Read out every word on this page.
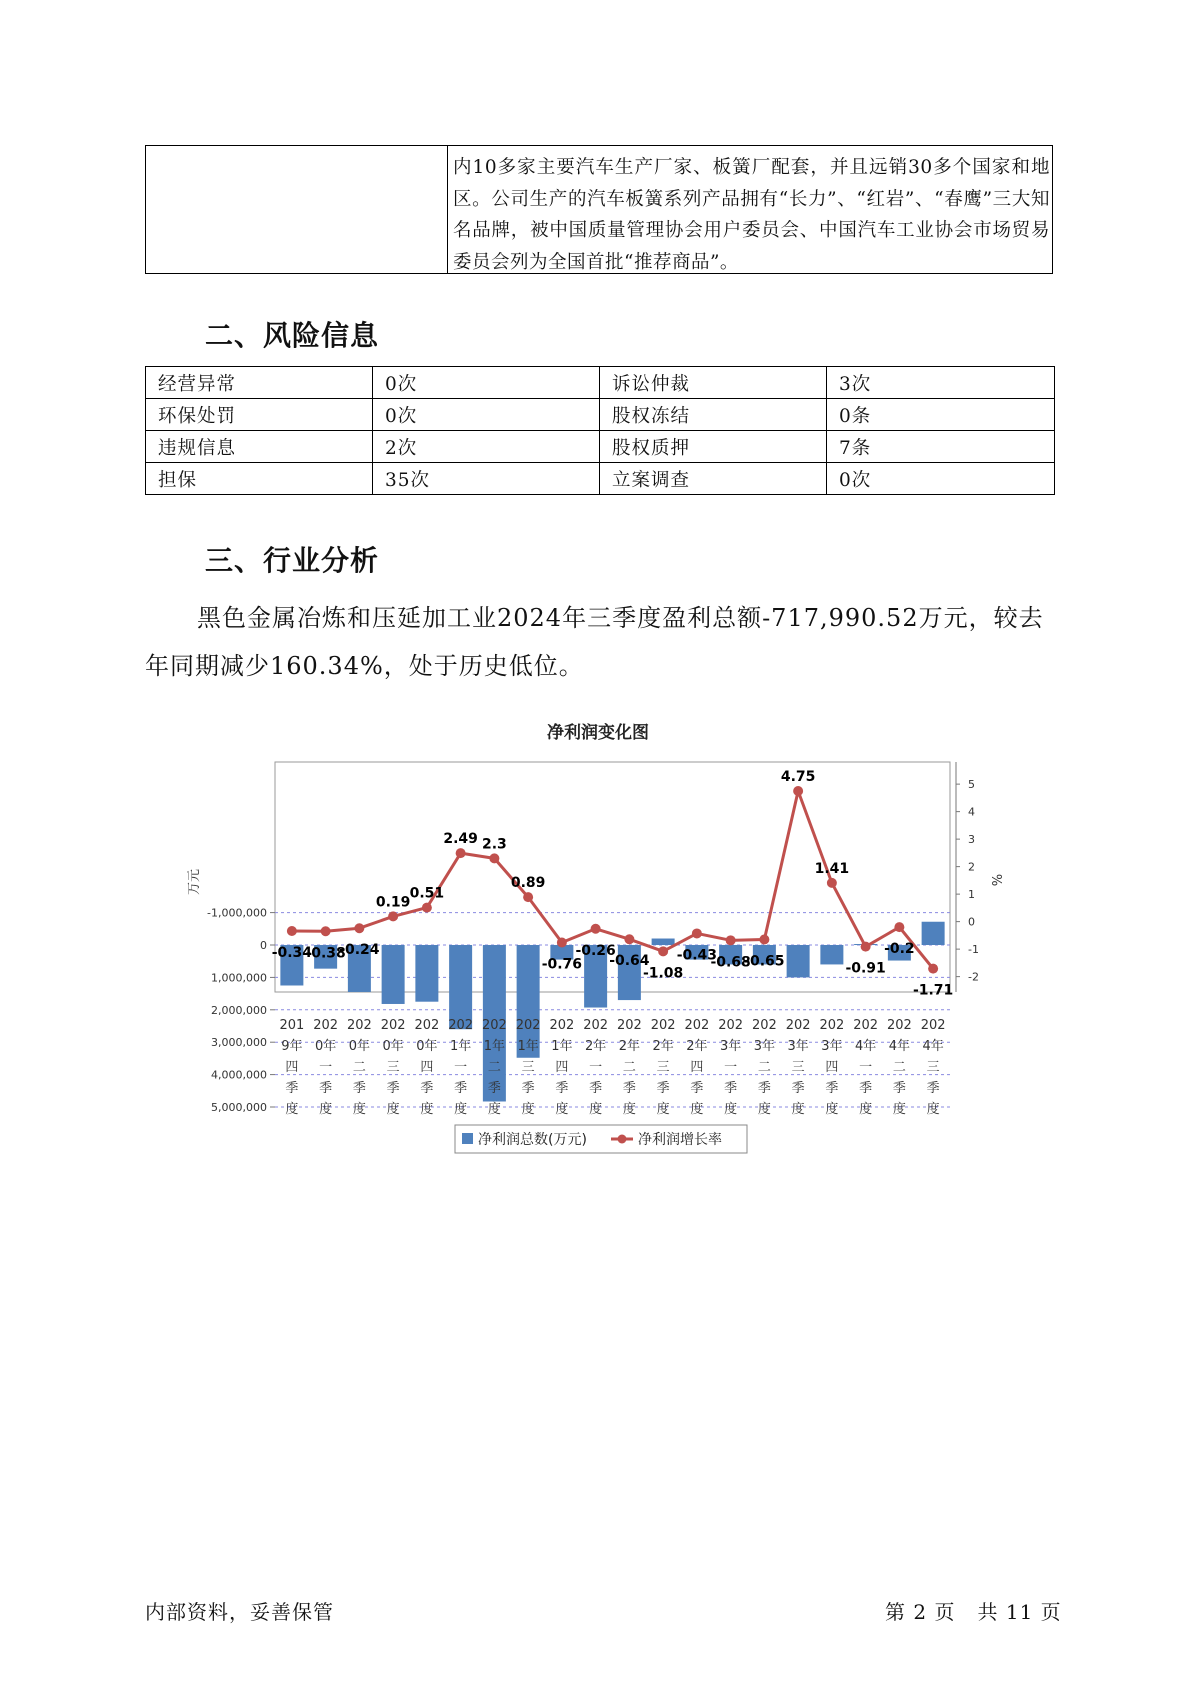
内10多家主要汽车生产厂家、板簧厂配套，并且远销30多个国家和地区。公司生产的汽车板簧系列产品拥有“长力”、“红岩”、“春鹰”三大知名品牌，被中国质量管理协会用户委员会、中国汽车工业协会市场贸易委员会列为全国首批“推荐商品”。
二、风险信息
经营异常	0次	诉讼仲裁	3次
环保处罚	0次	股权冻结	0条
违规信息	2次	股权质押	7条
担保	35次	立案调查	0次
三、行业分析

黑色金属冶炼和压延加工业2024年三季度盈利总额-717,990.52万元，较去年同期减少160.34%，处于历史低位。

净利润变化图
5,000,000
4,000,000
3,000,000
2,000,000
1,000,000
0
-1,000,000
5
4
3
2
1
0
-1
-2
万元	%
-0.34
-0.38
-0.24
0.19
0.51
2.49 2.3
0.89
-0.76
-0.26
-0.64
-1.08
-0.43
-0.68
-0.65
4.75
1.41
-0.91
-0.2
-1.71
201
9年
四
季
度
202
0年
一
季
度
202
0年
二
季
度
202
0年
三
季
度
202
0年
四
季
度
202
1年
一
季
度
202
1年
二
季
度
202
1年
三
季
度
202
1年
四
季
度
202
2年
一
季
度
202
2年
二
季
度
202
2年
三
季
度
202
2年
四
季
度
202
3年
一
季
度
202
3年
二
季
度
202
3年
三
季
度
202
3年
四
季
度
202
4年
一
季
度
202
4年
二
季
度
202
4年
三
季
度
净利润总数(万元)	净利润增长率
内部资料，妥善保管	第 2 页   共 11 页
